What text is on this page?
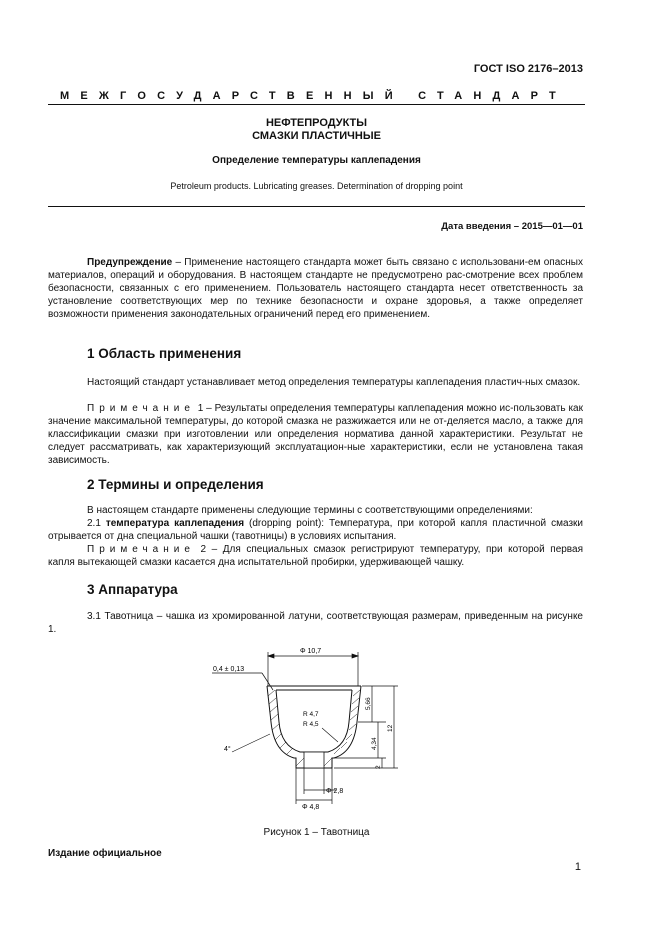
ГОСТ ISO 2176–2013
МЕЖГОСУДАРСТВЕННЫЙ СТАНДАРТ
НЕФТЕПРОДУКТЫ
СМАЗКИ ПЛАСТИЧНЫЕ
Определение температуры каплепадения
Petroleum products. Lubricating greases. Determination of dropping point
Дата введения – 2015—01—01
Предупреждение – Применение настоящего стандарта может быть связано с использовани-ем опасных материалов, операций и оборудования. В настоящем стандарте не предусмотрено рас-смотрение всех проблем безопасности, связанных с его применением. Пользователь настоящего стандарта несет ответственность за установление соответствующих мер по технике безопасности и охране здоровья, а также определяет возможности применения законодательных ограничений перед его применением.
1 Область применения
Настоящий стандарт устанавливает метод определения температуры каплепадения пластич-ных смазок.
Примечание 1 – Результаты определения температуры каплепадения можно ис-пользовать как значение максимальной температуры, до которой смазка не разжижается или не от-деляется масло, а также для классификации смазки при изготовлении или определения норматива данной характеристики. Результат не следует рассматривать, как характеризующий эксплуатацион-ные характеристики, если не установлена такая зависимость.
2 Термины и определения
В настоящем стандарте применены следующие термины с соответствующими определениями:
2.1 температура каплепадения (dropping point): Температура, при которой капля пластичной смазки отрывается от дна специальной чашки (тавотницы) в условиях испытания.
Примечание 2 – Для специальных смазок регистрируют температуру, при которой первая капля вытекающей смазки касается дна испытательной пробирки, удерживающей чашку.
3 Аппаратура
3.1 Тавотница – чашка из хромированной латуни, соответствующая размерам, приведенным на рисунке 1.
Φ 10,7
0,4 ± 0,13
R 4,7
R 4,5
4°
5,66
4,34
2
12
Φ 2,8
Φ 4,8
Рисунок 1 – Тавотница
Издание официальное
1
